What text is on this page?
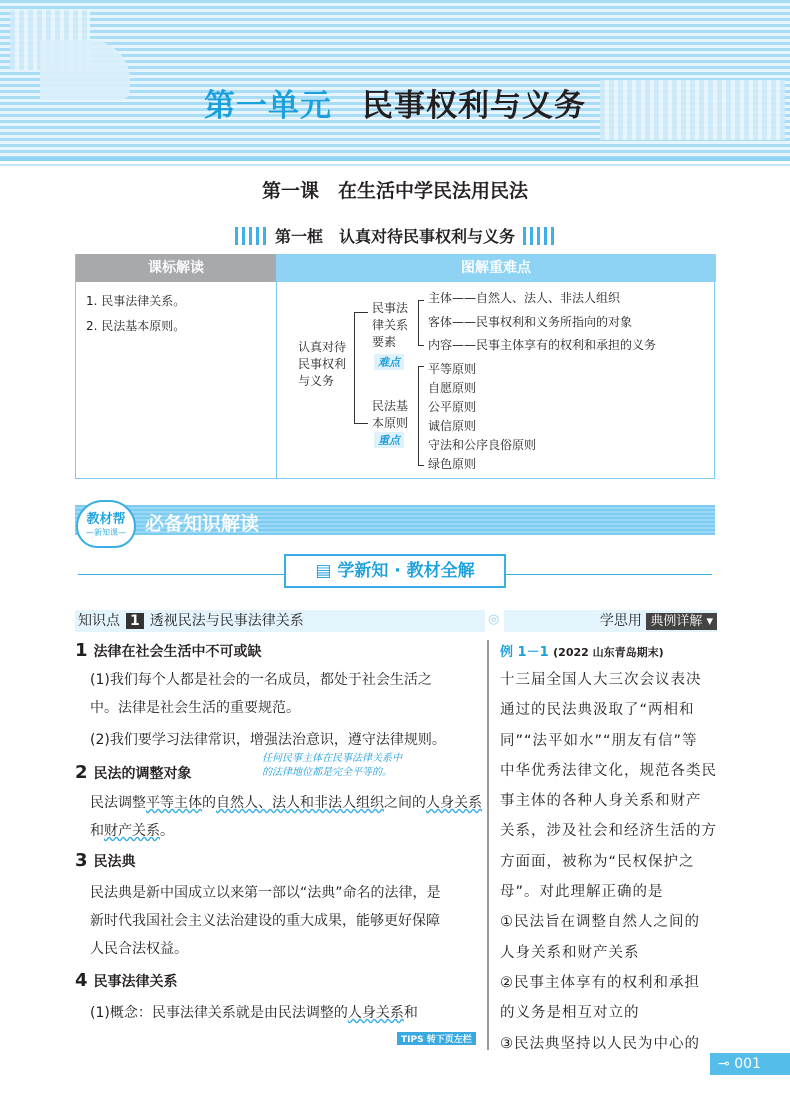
第一单元 民事权利与义务
第一课　在生活中学民法用民法
第一框　认真对待民事权利与义务
课标解读	图解重难点
1. 民事法律关系。
2. 民法基本原则。
认真对待民事权利与义务
民事法律关系要素
难点
民法基本原则
重点
主体——自然人、法人、非法人组织
客体——民事权利和义务所指向的对象
内容——民事主体享有的权利和承担的义务
平等原则
自愿原则
公平原则
诚信原则
守法和公序良俗原则
绿色原则
教材帮
—新知课—	必备知识解读
▤ 学新知 · 教材全解
知识点 1 透视民法与民事法律关系	◎	学思用 典例详解 ▾
1 法律在社会生活中不可或缺
(1)我们每个人都是社会的一名成员，都处于社会生活之
中。法律是社会生活的重要规范。
(2)我们要学习法律常识，增强法治意识，遵守法律规则。
2 民法的调整对象
任何民事主体在民事法律关系中
的法律地位都是完全平等的。
民法调整平等主体的自然人、法人和非法人组织之间的人身关系和财产关系。
3 民法典
民法典是新中国成立以来第一部以“法典”命名的法律，是
新时代我国社会主义法治建设的重大成果，能够更好保障
人民合法权益。
4 民事法律关系
(1)概念：民事法律关系就是由民法调整的人身关系和
TIPS 转下页左栏
例 1－1 (2022 山东青岛期末)
十三届全国人大三次会议表决
通过的民法典汲取了“两相和
同”“法平如水”“朋友有信”等
中华优秀法律文化，规范各类民
事主体的各种人身关系和财产
关系，涉及社会和经济生活的方
方面面，被称为“民权保护之
母”。对此理解正确的是
①民法旨在调整自然人之间的
人身关系和财产关系
②民事主体享有的权利和承担
的义务是相互对立的
③民法典坚持以人民为中心的
⊸ 001
